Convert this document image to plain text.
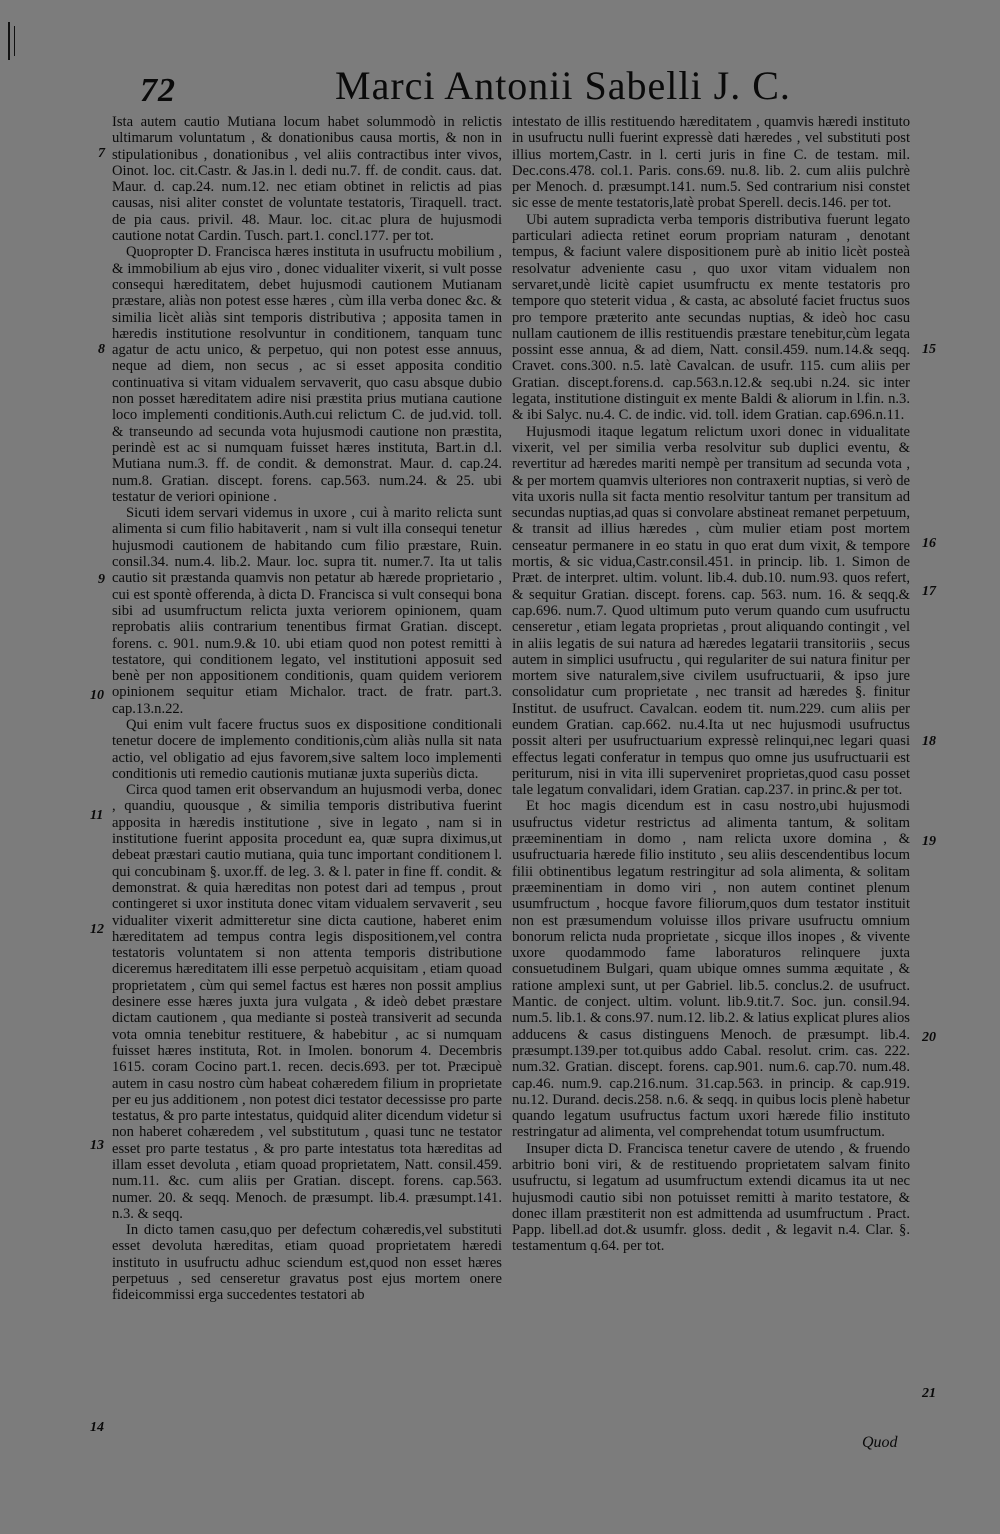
72	Marci Antonii Sabelli J. C.

Ista autem cautio Mutiana locum habet solummodò in relictis ultimarum voluntatum , & donationibus causa mortis, & non in stipulationibus , donationibus , vel aliis contractibus inter vivos, Oinot. loc. cit.Castr. & Jas.in l. dedi nu.7. ff. de condit. caus. dat. Maur. d. cap.24. num.12. nec etiam obtinet in relictis ad pias causas, nisi aliter constet de voluntate testatoris, Tiraquell. tract. de pia caus. privil. 48. Maur. loc. cit.ac plura de hujusmodi cautione notat Cardin. Tusch. part.1. concl.177. per tot.

Quopropter D. Francisca hæres instituta in usufructu mobilium , & immobilium ab ejus viro , donec vidualiter vixerit, si vult posse consequi hæreditatem, debet hujusmodi cautionem Mutianam præstare, aliàs non potest esse hæres , cùm illa verba donec &c. & similia licèt aliàs sint temporis distributiva ; apposita tamen in hæredis institutione resolvuntur in conditionem, tanquam tunc agatur de actu unico, & perpetuo, qui non potest esse annuus, neque ad diem, non secus , ac si esset apposita conditio continuativa si vitam vidualem servaverit, quo casu absque dubio non posset hæreditatem adire nisi præstita prius mutiana cautione loco implementi conditionis.Auth.cui relictum C. de jud.vid. toll. & transeundo ad secunda vota hujusmodi cautione non præstita, perindè est ac si numquam fuisset hæres instituta, Bart.in d.l. Mutiana num.3. ff. de condit. & demonstrat. Maur. d. cap.24. num.8. Gratian. discept. forens. cap.563. num.24. & 25. ubi testatur de veriori opinione .

Sicuti idem servari videmus in uxore , cui à marito relicta sunt alimenta si cum filio habitaverit , nam si vult illa consequi tenetur hujusmodi cautionem de habitando cum filio præstare, Ruin. consil.34. num.4. lib.2. Maur. loc. supra tit. numer.7. Ita ut talis cautio sit præstanda quamvis non petatur ab hærede proprietario , cui est spontè offerenda, à dicta D. Francisca si vult consequi bona sibi ad usumfructum relicta juxta veriorem opinionem, quam reprobatis aliis contrarium tenentibus firmat Gratian. discept. forens. c. 901. num.9.& 10. ubi etiam quod non potest remitti à testatore, qui conditionem legato, vel institutioni apposuit sed benè per non appositionem conditionis, quam quidem veriorem opinionem sequitur etiam Michalor. tract. de fratr. part.3. cap.13.n.22.

Qui enim vult facere fructus suos ex dispositione conditionali tenetur docere de implemento conditionis,cùm aliàs nulla sit nata actio, vel obligatio ad ejus favorem,sive saltem loco implementi conditionis uti remedio cautionis mutianæ juxta superiùs dicta.

Circa quod tamen erit observandum an hujusmodi verba, donec , quandiu, quousque , & similia temporis distributiva fuerint apposita in hæredis institutione , sive in legato , nam si in institutione fuerint apposita procedunt ea, quæ supra diximus,ut debeat præstari cautio mutiana, quia tunc important conditionem l. qui concubinam §. uxor.ff. de leg. 3. & l. pater in fine ff. condit. & demonstrat. & quia hæreditas non potest dari ad tempus , prout contingeret si uxor instituta donec vitam vidualem servaverit , seu vidualiter vixerit admitteretur sine dicta cautione, haberet enim hæreditatem ad tempus contra legis dispositionem,vel contra testatoris voluntatem si non attenta temporis distributione diceremus hæreditatem illi esse perpetuò acquisitam , etiam quoad proprietatem , cùm qui semel factus est hæres non possit amplius desinere esse hæres juxta jura vulgata , & ideò debet præstare dictam cautionem , qua mediante si posteà transiverit ad secunda vota omnia tenebitur restituere, & habebitur , ac si numquam fuisset hæres instituta, Rot. in Imolen. bonorum 4. Decembris 1615. coram Cocino part.1. recen. decis.693. per tot. Præcipuè autem in casu nostro cùm habeat cohæredem filium in proprietate per eu jus additionem , non potest dici testator decessisse pro parte testatus, & pro parte intestatus, quidquid aliter dicendum videtur si non haberet cohæredem , vel substitutum , quasi tunc ne testator esset pro parte testatus , & pro parte intestatus tota hæreditas ad illam esset devoluta , etiam quoad proprietatem, Natt. consil.459. num.11. &c. cum aliis per Gratian. discept. forens. cap.563. numer. 20. & seqq. Menoch. de præsumpt. lib.4. præsumpt.141. n.3. & seqq.

In dicto tamen casu,quo per defectum cohæredis,vel substituti esset devoluta hæreditas, etiam quoad proprietatem hæredi instituto in usufructu adhuc sciendum est,quod non esset hæres perpetuus , sed censeretur gravatus post ejus mortem onere fideicommissi erga succedentes testatori ab

intestato de illis restituendo hæreditatem , quamvis hæredi instituto in usufructu nulli fuerint expressè dati hæredes , vel substituti post illius mortem,Castr. in l. certi juris in fine C. de testam. mil. Dec.cons.478. col.1. Paris. cons.69. nu.8. lib. 2. cum aliis pulchrè per Menoch. d. præsumpt.141. num.5. Sed contrarium nisi constet sic esse de mente testatoris,latè probat Sperell. decis.146. per tot.

Ubi autem supradicta verba temporis distributiva fuerunt legato particulari adiecta retinet eorum propriam naturam , denotant tempus, & faciunt valere dispositionem purè ab initio licèt posteà resolvatur adveniente casu , quo uxor vitam vidualem non servaret,undè licitè capiet usumfructu ex mente testatoris pro tempore quo steterit vidua , & casta, ac absoluté faciet fructus suos pro tempore præterito ante secundas nuptias, & ideò hoc casu nullam cautionem de illis restituendis præstare tenebitur,cùm legata possint esse annua, & ad diem, Natt. consil.459. num.14.& seqq. Cravet. cons.300. n.5. latè Cavalcan. de usufr. 115. cum aliis per Gratian. discept.forens.d. cap.563.n.12.& seq.ubi n.24. sic inter legata, institutione distinguit ex mente Baldi & aliorum in l.fin. n.3. & ibi Salyc. nu.4. C. de indic. vid. toll. idem Gratian. cap.696.n.11.

Hujusmodi itaque legatum relictum uxori donec in vidualitate vixerit, vel per similia verba resolvitur sub duplici eventu, & revertitur ad hæredes mariti nempè per transitum ad secunda vota , & per mortem quamvis ulteriores non contraxerit nuptias, si verò de vita uxoris nulla sit facta mentio resolvitur tantum per transitum ad secundas nuptias,ad quas si convolare abstineat remanet perpetuum, & transit ad illius hæredes , cùm mulier etiam post mortem censeatur permanere in eo statu in quo erat dum vixit, & tempore mortis, & sic vidua,Castr.consil.451. in princip. lib. 1. Simon de Præt. de interpret. ultim. volunt. lib.4. dub.10. num.93. quos refert, & sequitur Gratian. discept. forens. cap. 563. num. 16. & seqq.& cap.696. num.7. Quod ultimum puto verum quando cum usufructu censeretur , etiam legata proprietas , prout aliquando contingit , vel in aliis legatis de sui natura ad hæredes legatarii transitoriis , secus autem in simplici usufructu , qui regulariter de sui natura finitur per mortem sive naturalem,sive civilem usufructuarii, & ipso jure consolidatur cum proprietate , nec transit ad hæredes §. finitur Institut. de usufruct. Cavalcan. eodem tit. num.229. cum aliis per eundem Gratian. cap.662. nu.4.Ita ut nec hujusmodi usufructus possit alteri per usufructuarium expressè relinqui,nec legari quasi effectus legati conferatur in tempus quo omne jus usufructuarii est periturum, nisi in vita illi superveniret proprietas,quod casu posset tale legatum convalidari, idem Gratian. cap.237. in princ.& per tot.

Et hoc magis dicendum est in casu nostro,ubi hujusmodi usufructus videtur restrictus ad alimenta tantum, & solitam præeminentiam in domo , nam relicta uxore domina , & usufructuaria hærede filio instituto , seu aliis descendentibus locum filii obtinentibus legatum restringitur ad sola alimenta, & solitam præeminentiam in domo viri , non autem continet plenum usumfructum , hocque favore filiorum,quos dum testator instituit non est præsumendum voluisse illos privare usufructu omnium bonorum relicta nuda proprietate , sicque illos inopes , & vivente uxore quodammodo fame laboraturos relinquere juxta consuetudinem Bulgari, quam ubique omnes summa æquitate , & ratione amplexi sunt, ut per Gabriel. lib.5. conclus.2. de usufruct. Mantic. de conject. ultim. volunt. lib.9.tit.7. Soc. jun. consil.94. num.5. lib.1. & cons.97. num.12. lib.2. & latius explicat plures alios adducens & casus distinguens Menoch. de præsumpt. lib.4. præsumpt.139.per tot.quibus addo Cabal. resolut. crim. cas. 222. num.32. Gratian. discept. forens. cap.901. num.6. cap.70. num.48. cap.46. num.9. cap.216.num. 31.cap.563. in princip. & cap.919. nu.12. Durand. decis.258. n.6. & seqq. in quibus locis plenè habetur quando legatum usufructus factum uxori hærede filio instituto restringatur ad alimenta, vel comprehendat totum usumfructum.

Insuper dicta D. Francisca tenetur cavere de utendo , & fruendo arbitrio boni viri, & de restituendo proprietatem salvam finito usufructu, si legatum ad usumfructum extendi dicamus ita ut nec hujusmodi cautio sibi non potuisset remitti à marito testatore, & donec illam præstiterit non est admittenda ad usumfructum . Pract. Papp. libell.ad dot.& usumfr. gloss. dedit , & legavit n.4. Clar. §. testamentum q.64. per tot.

7
8
9
10
11
12
13
14
15
16
17
18
19
20
21
Quod
